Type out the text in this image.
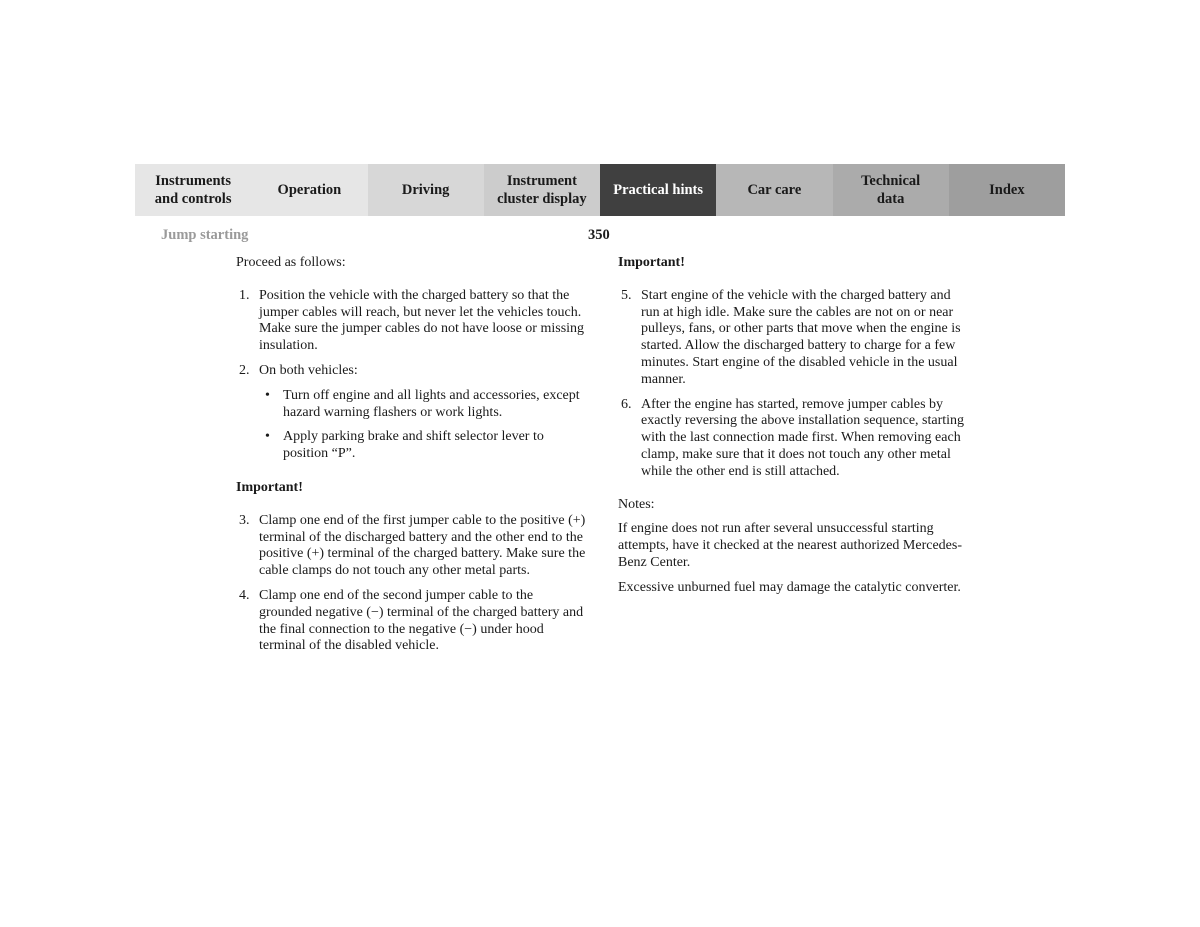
Instruments
and controls
Operation	Driving
Instrument
cluster display
Practical hints	Car care
Technical
data
Index
Jump starting	350

Proceed as follows:

1. Position the vehicle with the charged battery so that the jumper cables will reach, but never let the vehicles touch. Make sure the jumper cables do not have loose or missing insulation.

2. On both vehicles:

• Turn off engine and all lights and accessories, except hazard warning flashers or work lights.

• Apply parking brake and shift selector lever to position “P”.

Important!

3. Clamp one end of the first jumper cable to the positive (+) terminal of the discharged battery and the other end to the positive (+) terminal of the charged battery. Make sure the cable clamps do not touch any other metal parts.

4. Clamp one end of the second jumper cable to the grounded negative (−) terminal of the charged battery and the final connection to the negative (−) under hood terminal of the disabled vehicle.

Important!

5. Start engine of the vehicle with the charged battery and run at high idle. Make sure the cables are not on or near pulleys, fans, or other parts that move when the engine is started. Allow the discharged battery to charge for a few minutes. Start engine of the disabled vehicle in the usual manner.

6. After the engine has started, remove jumper cables by exactly reversing the above installation sequence, starting with the last connection made first. When removing each clamp, make sure that it does not touch any other metal while the other end is still attached.

Notes:

If engine does not run after several unsuccessful starting attempts, have it checked at the nearest authorized Mercedes-Benz Center.

Excessive unburned fuel may damage the catalytic converter.
